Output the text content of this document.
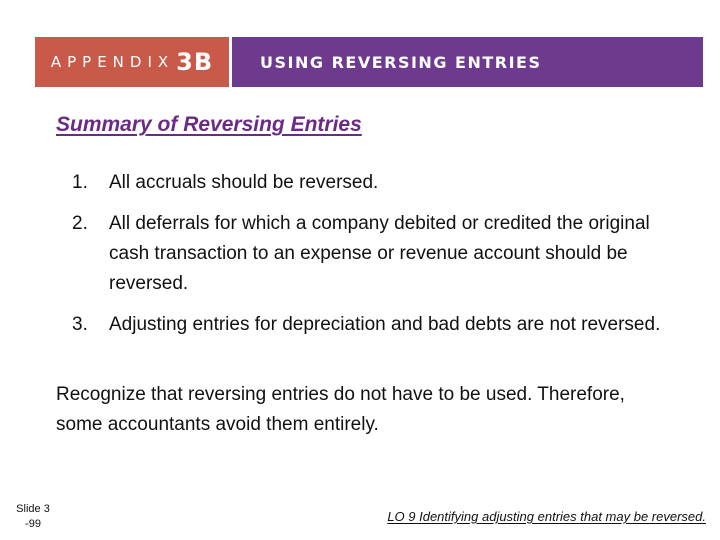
APPENDIX 3B	USING REVERSING ENTRIES
Summary of Reversing Entries
1.	All accruals should be reversed.
2.	All deferrals for which a company debited or credited the original cash transaction to an expense or revenue account should be reversed.
3.	Adjusting entries for depreciation and bad debts are not reversed.
Recognize that reversing entries do not have to be used. Therefore, some accountants avoid them entirely.
Slide 3
-99	LO 9 Identifying adjusting entries that may be reversed.
